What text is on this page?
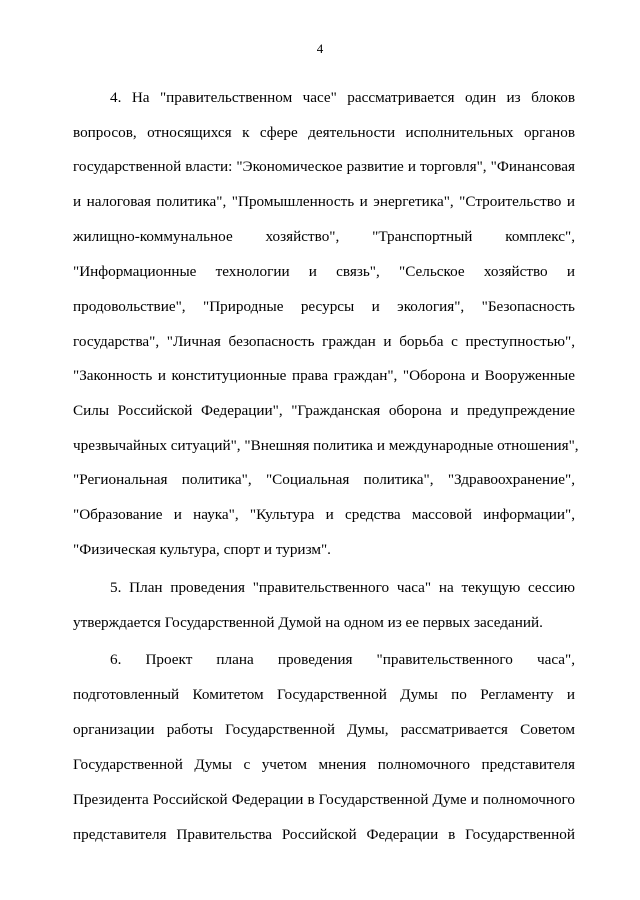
4
4. На "правительственном часе" рассматривается один из блоков
вопросов, относящихся к сфере деятельности исполнительных органов
государственной власти: "Экономическое развитие и торговля", "Финансовая
и налоговая политика", "Промышленность и энергетика", "Строительство и
жилищно-коммунальное хозяйство", "Транспортный комплекс",
"Информационные технологии и связь", "Сельское хозяйство и
продовольствие", "Природные ресурсы и экология", "Безопасность
государства", "Личная безопасность граждан и борьба с преступностью",
"Законность и конституционные права граждан", "Оборона и Вооруженные
Силы Российской Федерации", "Гражданская оборона и предупреждение
чрезвычайных ситуаций", "Внешняя политика и международные отношения",
"Региональная политика", "Социальная политика", "Здравоохранение",
"Образование и наука", "Культура и средства массовой информации",
"Физическая культура, спорт и туризм".
5. План проведения "правительственного часа" на текущую сессию
утверждается Государственной Думой на одном из ее первых заседаний.
6. Проект плана проведения "правительственного часа",
подготовленный Комитетом Государственной Думы по Регламенту и
организации работы Государственной Думы, рассматривается Советом
Государственной Думы с учетом мнения полномочного представителя
Президента Российской Федерации в Государственной Думе и полномочного
представителя Правительства Российской Федерации в Государственной
